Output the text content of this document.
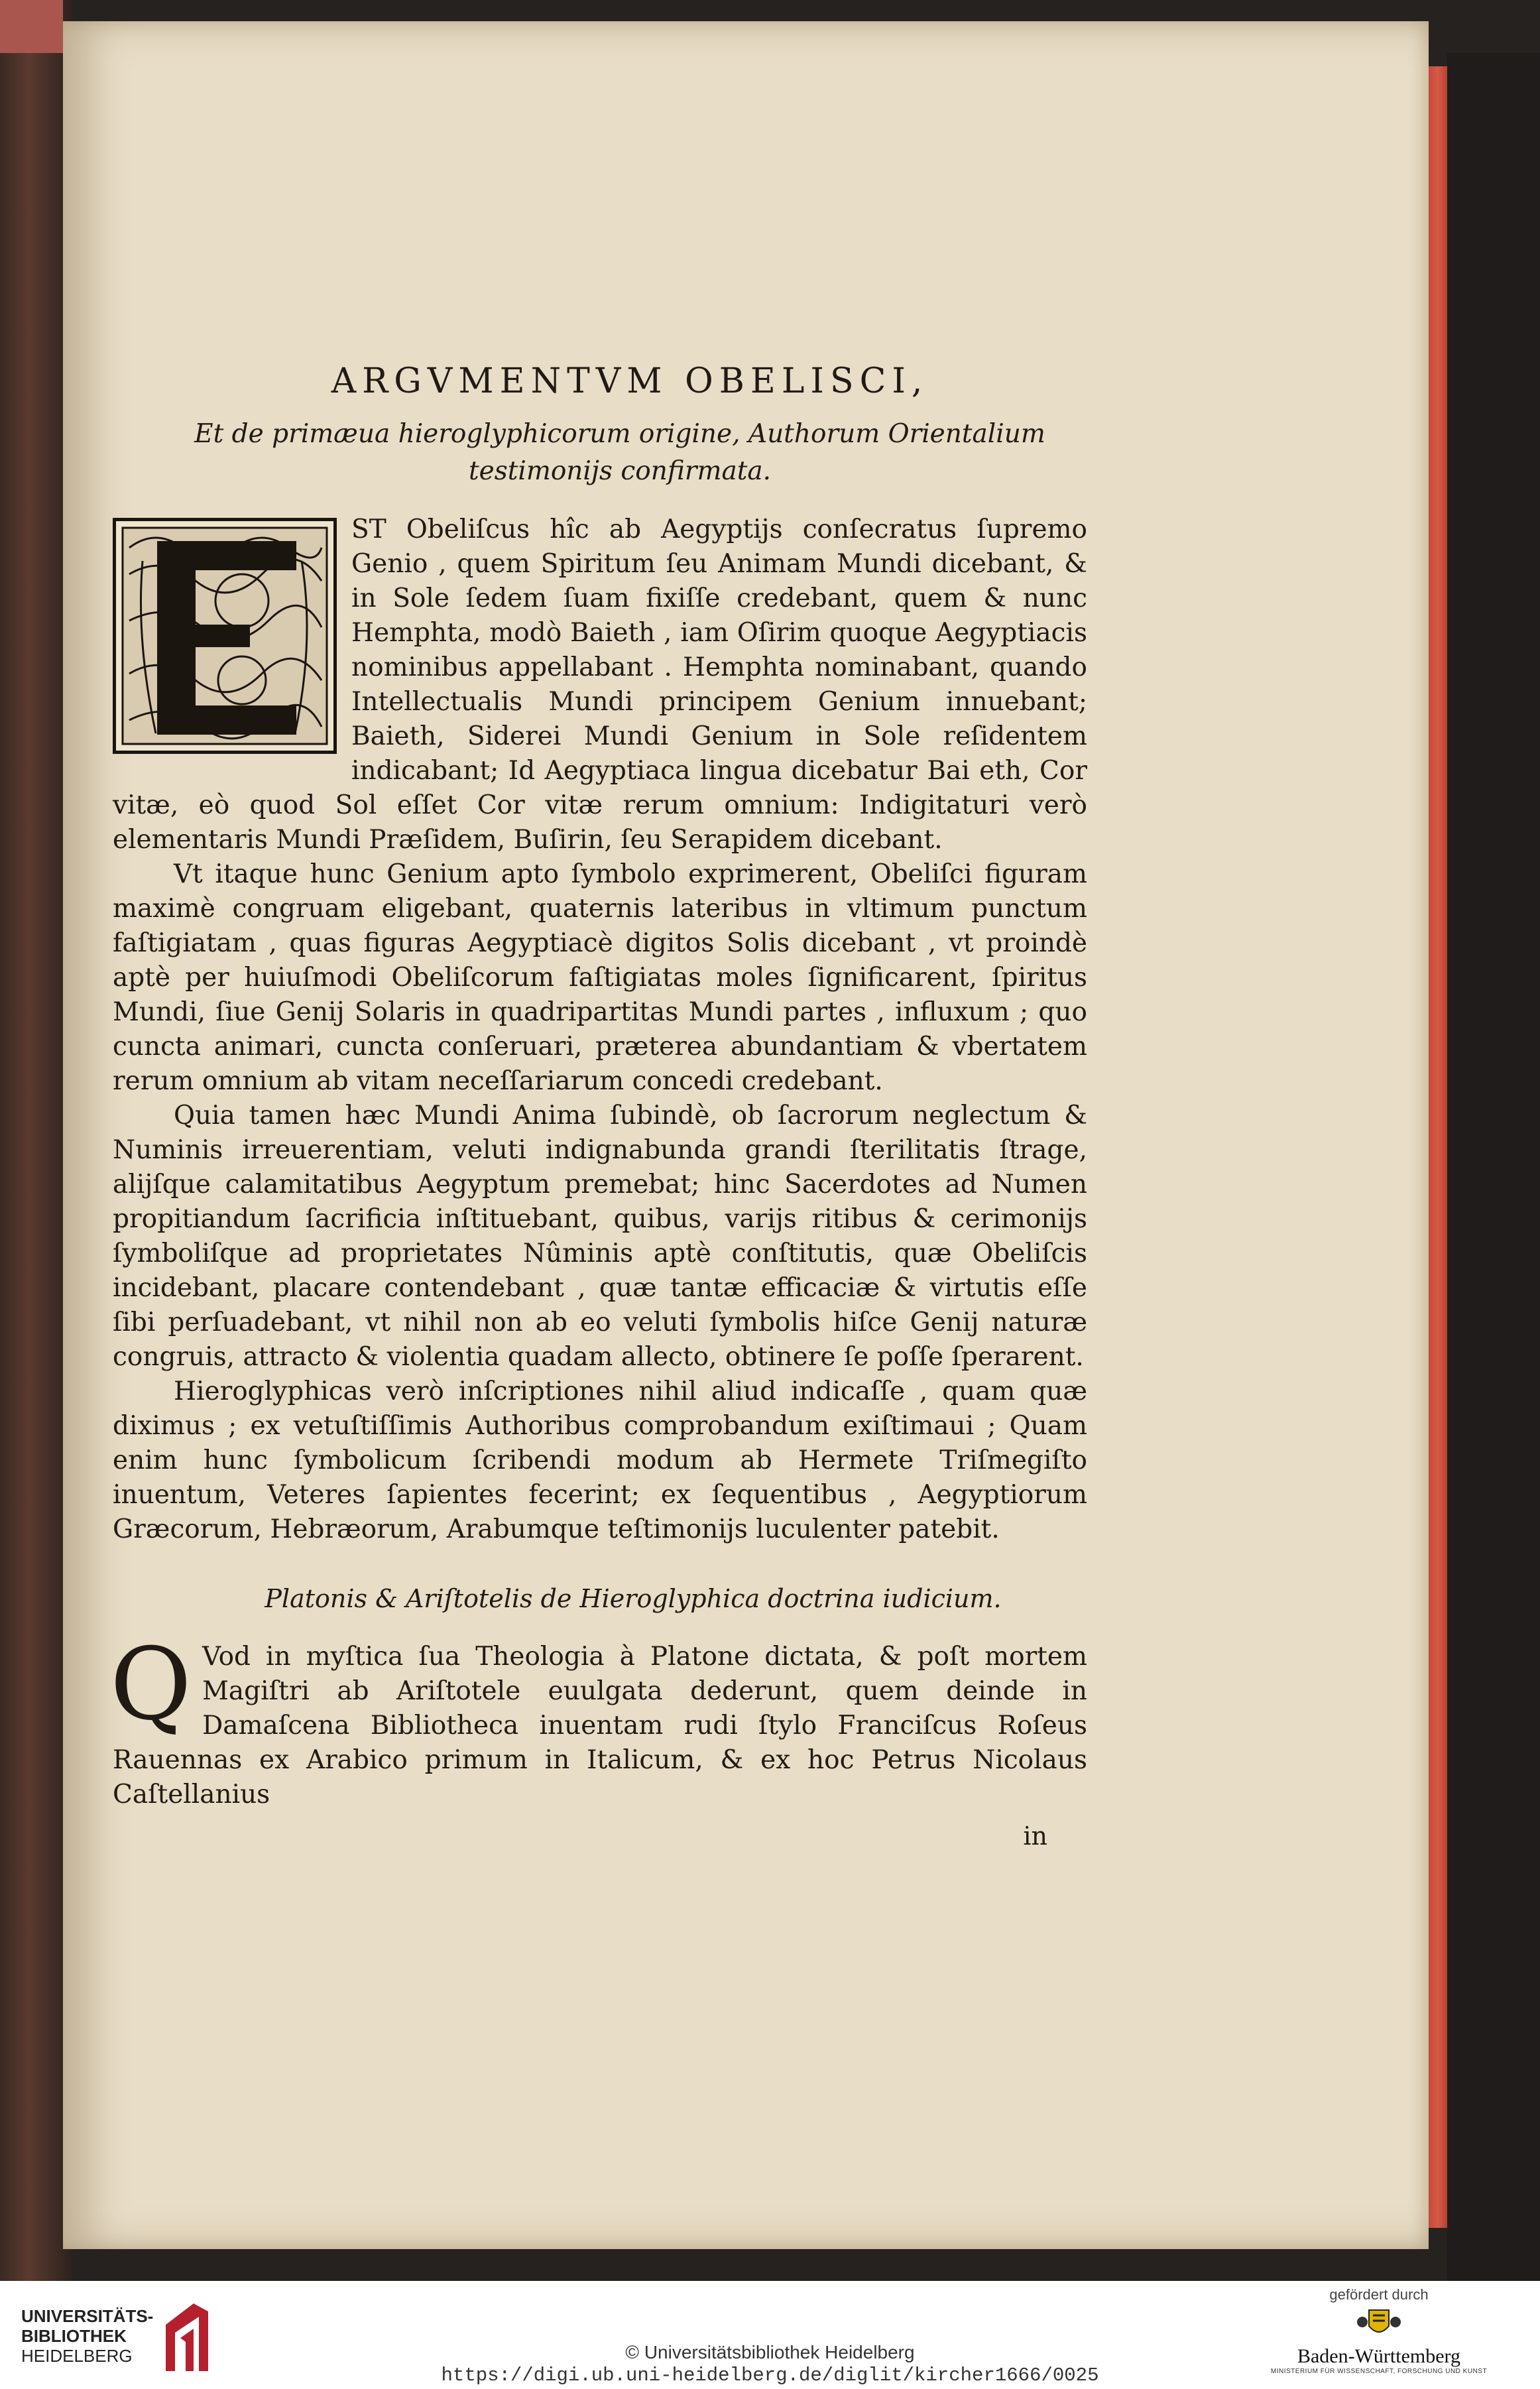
ARGVMENTVM OBELISCI,
Et de primæua hieroglyphicorum origine, Authorum Orientalium
testimonijs confirmata.

ST Obeliſcus hîc ab Aegyptijs conſecratus ſupremo Genio , quem Spiritum ſeu Animam Mundi dicebant, & in Sole ſedem ſuam fixiſſe credebant, quem & nunc Hemphta, modò Baieth , iam Oſirim quoque Aegyptiacis nominibus appellabant . Hemphta nominabant, quando Intellectualis Mundi principem Genium innuebant; Baieth, Siderei Mundi Genium in Sole reſidentem indicabant; Id Aegyptiaca lingua dicebatur Bai eth, Cor vitæ, eò quod Sol eſſet Cor vitæ rerum omnium: Indigitaturi verò elementaris Mundi Præſidem, Buſirin, ſeu Serapidem dicebant.

Vt itaque hunc Genium apto ſymbolo exprimerent, Obeliſci figuram maximè congruam eligebant, quaternis lateribus in vltimum punctum faſtigiatam , quas figuras Aegyptiacè digitos Solis dicebant , vt proindè aptè per huiuſmodi Obeliſcorum faſtigiatas moles ſignificarent, ſpiritus Mundi, ſiue Genij Solaris in quadripartitas Mundi partes , influxum ; quo cuncta animari, cuncta conſeruari, præterea abundantiam & vbertatem rerum omnium ab vitam neceſſariarum concedi credebant.

Quia tamen hæc Mundi Anima ſubindè, ob ſacrorum neglectum & Numinis irreuerentiam, veluti indignabunda grandi ſterilitatis ſtrage, alijſque calamitatibus Aegyptum premebat; hinc Sacerdotes ad Numen propitiandum ſacrificia inſtituebant, quibus, varijs ritibus & cerimonijs ſymboliſque ad proprietates Nûminis aptè conſtitutis, quæ Obeliſcis incidebant, placare contendebant , quæ tantæ efficaciæ & virtutis eſſe ſibi perſuadebant, vt nihil non ab eo veluti ſymbolis hiſce Genij naturæ congruis, attracto & violentia quadam allecto, obtinere ſe poſſe ſperarent.

Hieroglyphicas verò inſcriptiones nihil aliud indicaſſe , quam quæ diximus ; ex vetuſtiſſimis Authoribus comprobandum exiſtimaui ; Quam enim hunc ſymbolicum ſcribendi modum ab Hermete Triſmegiſto inuentum, Veteres ſapientes fecerint; ex ſequentibus , Aegyptiorum Græcorum, Hebræorum, Arabumque teſtimonijs luculenter patebit.

Platonis & Ariſtotelis de Hieroglyphica doctrina iudicium.
Q Vod in myſtica ſua Theologia à Platone dictata, & poſt mortem Magiſtri ab Ariſtotele euulgata dederunt, quem deinde in Damaſcena Bibliotheca inuentam rudi ſtylo Franciſcus Roſeus Rauennas ex Arabico primum in Italicum, & ex hoc Petrus Nicolaus Caſtellanius

in
UNIVERSITÄTS-
BIBLIOTHEK
HEIDELBERG	© Universitätsbibliothek Heidelberg
https://digi.ub.uni-heidelberg.de/diglit/kircher1666/0025
gefördert durch
Baden-Württemberg
MINISTERIUM FÜR WISSENSCHAFT, FORSCHUNG UND KUNST
